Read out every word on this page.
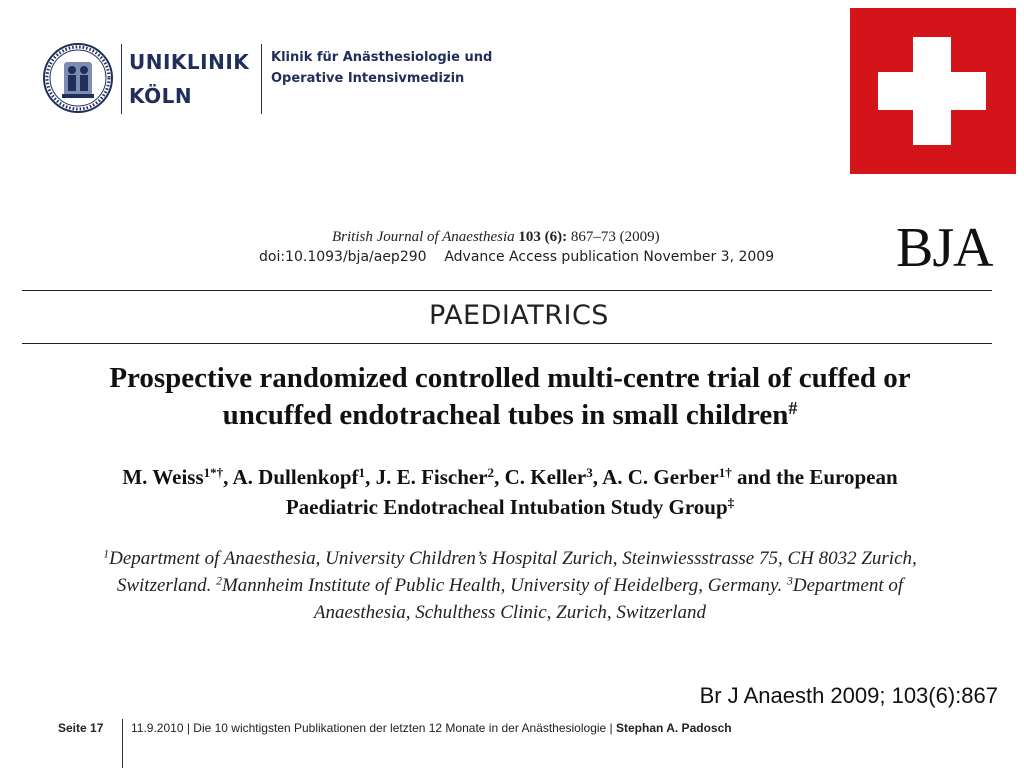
UNIKLINIK
KÖLN
Klinik für Anästhesiologie und
Operative Intensivmedizin
British Journal of Anaesthesia 103 (6): 867–73 (2009)
doi:10.1093/bja/aep290    Advance Access publication November 3, 2009 BJA
PAEDIATRICS
Prospective randomized controlled multi-centre trial of cuffed or
uncuffed endotracheal tubes in small children#
M. Weiss$^{1*\dagger}$, A. Dullenkopf$^1$, J. E. Fischer$^2$, C. Keller$^3$, A. C. Gerber$^{1\dagger}$ and the European
Paediatric Endotracheal Intubation Study Group‡
$^1$Department of Anaesthesia, University Children’s Hospital Zurich, Steinwiessstrasse 75, CH 8032 Zurich,
Switzerland. $^2$Mannheim Institute of Public Health, University of Heidelberg, Germany. $^3$Department of
Anaesthesia, Schulthess Clinic, Zurich, Switzerland
Br J Anaesth 2009; 103(6):867
Seite 17 11.9.2010 | Die 10 wichtigsten Publikationen der letzten 12 Monate in der Anästhesiologie | Stephan A. Padosch
